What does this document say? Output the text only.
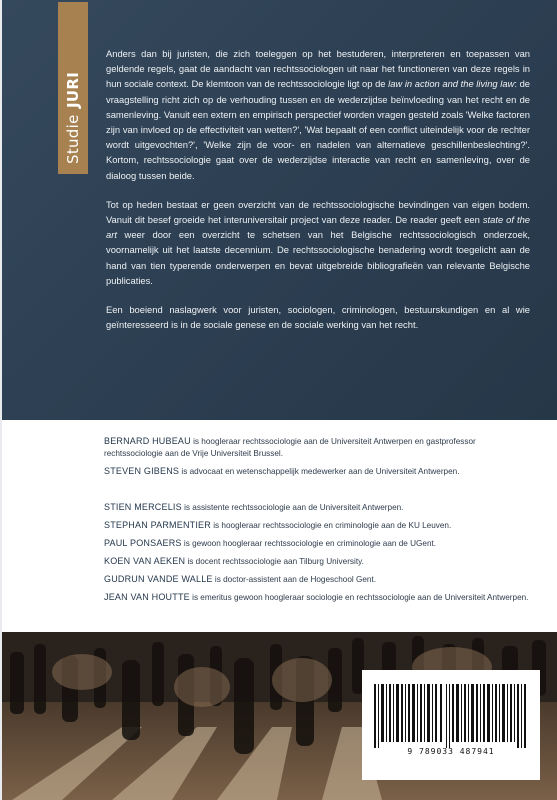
Studie
JURI

Anders dan bij juristen, die zich toeleggen op het bestuderen, interpreteren en toepassen van geldende regels, gaat de aandacht van rechtssociologen uit naar het functioneren van deze regels in hun sociale context. De klemtoon van de rechtssociologie ligt op de law in action and the living law: de vraagstelling richt zich op de verhouding tussen en de wederzijdse beïnvloeding van het recht en de samenleving. Vanuit een extern en empirisch perspectief worden vragen gesteld zoals 'Welke factoren zijn van invloed op de effectiviteit van wetten?', 'Wat bepaalt of een conflict uiteindelijk voor de rechter wordt uitgevochten?', 'Welke zijn de voor- en nadelen van alternatieve geschillenbeslechting?'. Kortom, rechtssociologie gaat over de wederzijdse interactie van recht en samenleving, over de dialoog tussen beide.

Tot op heden bestaat er geen overzicht van de rechtssociologische bevindingen van eigen bodem. Vanuit dit besef groeide het interuniversitair project van deze reader. De reader geeft een state of the art weer door een overzicht te schetsen van het Belgische rechtssociologisch onderzoek, voornamelijk uit het laatste decennium. De rechtssociologische benadering wordt toegelicht aan de hand van tien typerende onderwerpen en bevat uitgebreide bibliografieën van relevante Belgische publicaties.

Een boeiend naslagwerk voor juristen, sociologen, criminologen, bestuurskundigen en al wie geïnteresseerd is in de sociale genese en de sociale werking van het recht.

BERNARD HUBEAU is hoogleraar rechtssociologie aan de Universiteit Antwerpen en gastprofessor rechtssociologie aan de Vrije Universiteit Brussel.
STEVEN GIBENS is advocaat en wetenschappelijk medewerker aan de Universiteit Antwerpen.
STIEN MERCELIS is assistente rechtssociologie aan de Universiteit Antwerpen.
STEPHAN PARMENTIER is hoogleraar rechtssociologie en criminologie aan de KU Leuven.
PAUL PONSAERS is gewoon hoogleraar rechtssociologie en criminologie aan de UGent.
KOEN VAN AEKEN is docent rechtssociologie aan Tilburg University.
GUDRUN VANDE WALLE is doctor-assistent aan de Hogeschool Gent.
JEAN VAN HOUTTE is emeritus gewoon hoogleraar sociologie en rechtssociologie aan de Universiteit Antwerpen.
9 789033 487941
